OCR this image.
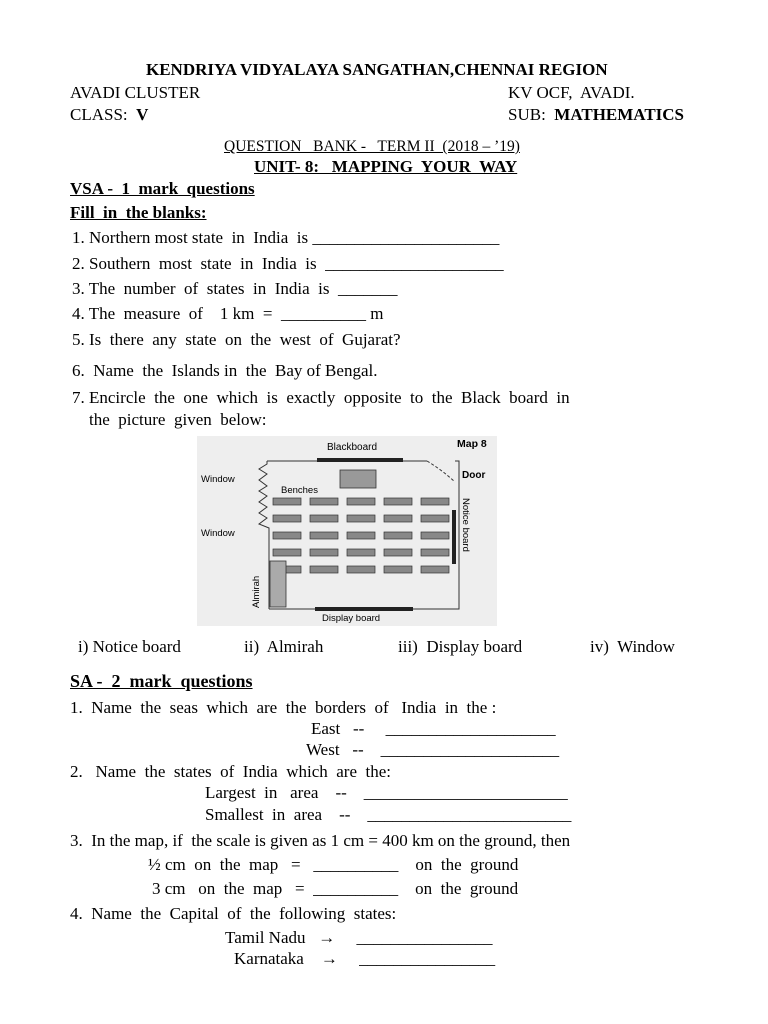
KENDRIYA VIDYALAYA SANGATHAN,CHENNAI REGION
AVADI CLUSTER	KV OCF,  AVADI.
CLASS:  V	SUB:  MATHEMATICS
QUESTION   BANK -   TERM II  (2018 – ’19)
UNIT- 8:   MAPPING  YOUR  WAY
VSA -  1  mark  questions
Fill  in  the blanks:
1. Northern most state  in  India  is ______________________
2. Southern  most  state  in  India  is  _____________________
3. The  number  of  states  in  India  is  _______
4. The  measure  of    1 km  =  __________ m
5. Is  there  any  state  on  the  west  of  Gujarat?
6.  Name  the  Islands in  the  Bay of Bengal.
7. Encircle  the  one  which  is  exactly  opposite  to  the  Black  board  in
the  picture  given  below:
Blackboard	Map 8
Window
Window
Door
Benches
Notice board
Almirah
Display board
i) Notice board	ii)  Almirah	iii)  Display board	iv)  Window
SA -  2  mark  questions
1.  Name  the  seas  which  are  the  borders  of   India  in  the :
East   --     ____________________
West   --    _____________________
2.   Name  the  states  of  India  which  are  the:
Largest  in   area    --    ________________________
Smallest  in  area    --    ________________________
3.  In the map, if  the scale is given as 1 cm = 400 km on the ground, then
½ cm  on  the  map   =   __________    on  the  ground
3 cm   on  the  map   =  __________    on  the  ground
4.  Name  the  Capital  of  the  following  states:
Tamil Nadu   →     ________________
Karnataka    →     ________________
